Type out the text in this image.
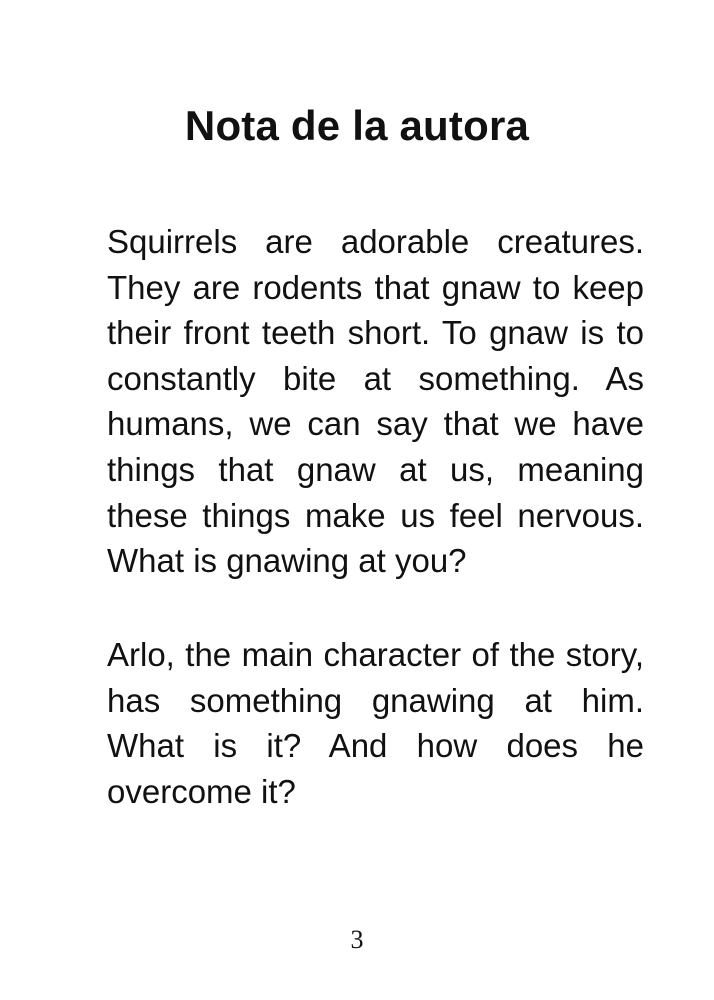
Nota de la autora

Squirrels are adorable creatures. They are rodents that gnaw to keep their front teeth short. To gnaw is to constantly bite at something. As humans, we can say that we have things that gnaw at us, meaning these things make us feel nervous. What is gnawing at you?

Arlo, the main character of the story, has something gnawing at him. What is it? And how does he overcome it?

3
